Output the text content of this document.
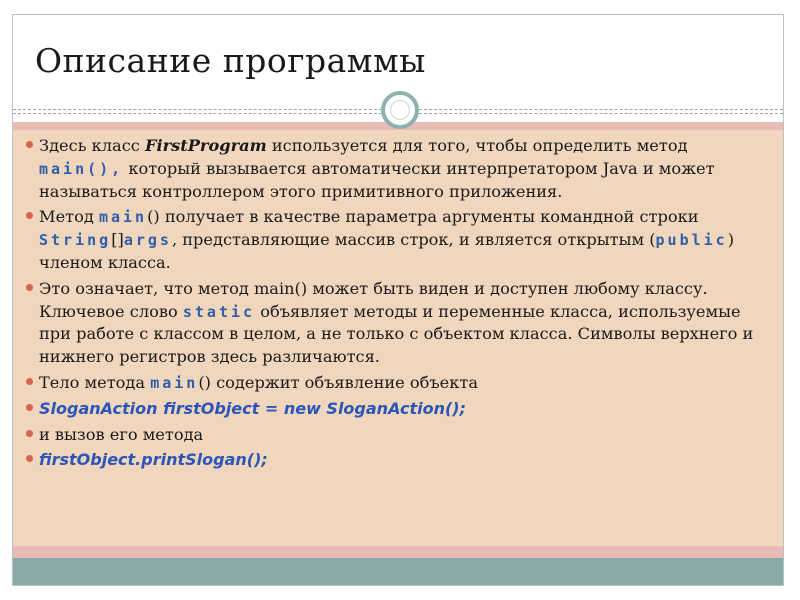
Описание программы
Здесь класс FirstProgram используется для того, чтобы определить метод main(), который вызывается автоматически интерпретатором Java и может называться контроллером этого примитивного приложения.
Метод main() получает в качестве параметра аргументы командной строки String[]args, представляющие массив строк, и является открытым (public) членом класса.
Это означает, что метод main() может быть виден и доступен любому классу. Ключевое слово static объявляет методы и переменные класса, используемые при работе с классом в целом, а не только с объектом класса. Символы верхнего и нижнего регистров здесь различаются.
Тело метода main() содержит объявление объекта
SloganAction firstObject = new SloganAction();
и вызов его метода
firstObject.printSlogan();
